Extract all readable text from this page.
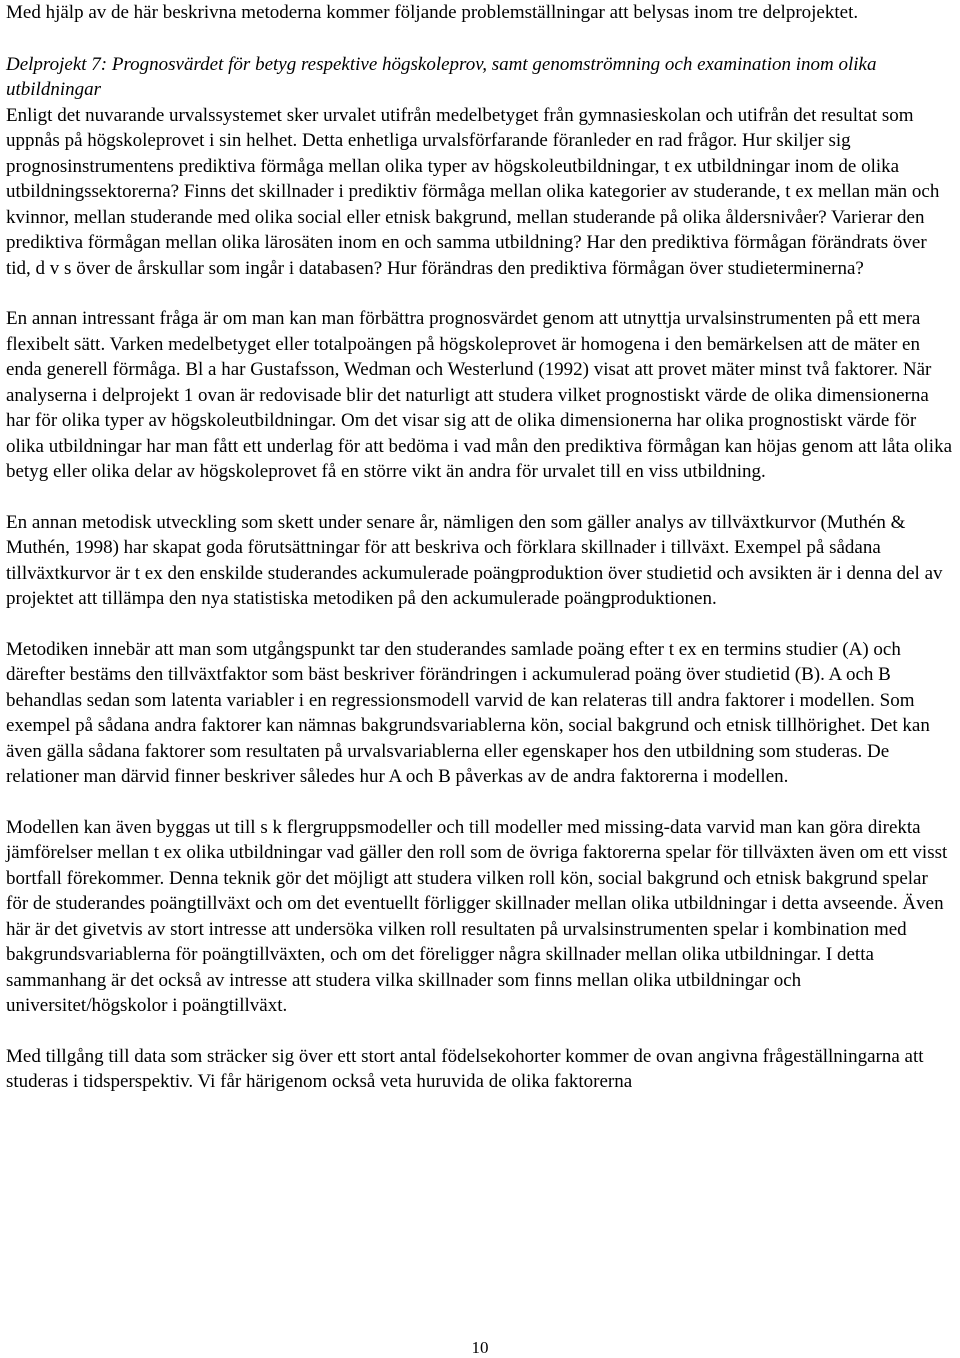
Med hjälp av de här beskrivna metoderna kommer följande problemställningar att belysas inom tre delprojektet.

Delprojekt 7: Prognosvärdet för betyg respektive högskoleprov, samt genomströmning och examination inom olika utbildningar

Enligt det nuvarande urvalssystemet sker urvalet utifrån medelbetyget från gymnasieskolan och utifrån det resultat som uppnås på högskoleprovet i sin helhet. Detta enhetliga urvalsförfarande föranleder en rad frågor. Hur skiljer sig prognosinstrumentens prediktiva förmåga mellan olika typer av högskoleutbildningar, t ex utbildningar inom de olika utbildningssektorerna? Finns det skillnader i prediktiv förmåga mellan olika kategorier av studerande, t ex mellan män och kvinnor, mellan studerande med olika social eller etnisk bakgrund, mellan studerande på olika åldersnivåer? Varierar den prediktiva förmågan mellan olika lärosäten inom en och samma utbildning? Har den prediktiva förmågan förändrats över tid, d v s över de årskullar som ingår i databasen? Hur förändras den prediktiva förmågan över studieterminerna?

En annan intressant fråga är om man kan man förbättra prognosvärdet genom att utnyttja urvalsinstrumenten på ett mera flexibelt sätt. Varken medelbetyget eller totalpoängen på högskoleprovet är homogena i den bemärkelsen att de mäter en enda generell förmåga. Bl a har Gustafsson, Wedman och Westerlund (1992) visat att provet mäter minst två faktorer. När analyserna i delprojekt 1 ovan är redovisade blir det naturligt att studera vilket prognostiskt värde de olika dimensionerna har för olika typer av högskoleutbildningar. Om det visar sig att de olika dimensionerna har olika prognostiskt värde för olika utbildningar har man fått ett underlag för att bedöma i vad mån den prediktiva förmågan kan höjas genom att låta olika betyg eller olika delar av högskoleprovet få en större vikt än andra för urvalet till en viss utbildning.

En annan metodisk utveckling som skett under senare år, nämligen den som gäller analys av tillväxtkurvor (Muthén & Muthén, 1998) har skapat goda förutsättningar för att beskriva och förklara skillnader i tillväxt. Exempel på sådana tillväxtkurvor är t ex den enskilde studerandes ackumulerade poängproduktion över studietid och avsikten är i denna del av projektet att tillämpa den nya statistiska metodiken på den ackumulerade poängproduktionen.

Metodiken innebär att man som utgångspunkt tar den studerandes samlade poäng efter t ex en termins studier (A) och därefter bestäms den tillväxtfaktor som bäst beskriver förändringen i ackumulerad poäng över studietid (B). A och B behandlas sedan som latenta variabler i en regressionsmodell varvid de kan relateras till andra faktorer i modellen. Som exempel på sådana andra faktorer kan nämnas bakgrundsvariablerna kön, social bakgrund och etnisk tillhörighet. Det kan även gälla sådana faktorer som resultaten på urvalsvariablerna eller egenskaper hos den utbildning som studeras. De relationer man därvid finner beskriver således hur A och B påverkas av de andra faktorerna i modellen.

Modellen kan även byggas ut till s k flergruppsmodeller och till modeller med missing-data varvid man kan göra direkta jämförelser mellan t ex olika utbildningar vad gäller den roll som de övriga faktorerna spelar för tillväxten även om ett visst bortfall förekommer. Denna teknik gör det möjligt att studera vilken roll kön, social bakgrund och etnisk bakgrund spelar för de studerandes poängtillväxt och om det eventuellt förligger skillnader mellan olika utbildningar i detta avseende. Även här är det givetvis av stort intresse att undersöka vilken roll resultaten på urvalsinstrumenten spelar i kombination med bakgrundsvariablerna för poängtillväxten, och om det föreligger några skillnader mellan olika utbildningar. I detta sammanhang är det också av intresse att studera vilka skillnader som finns mellan olika utbildningar och universitet/högskolor i poängtillväxt.

Med tillgång till data som sträcker sig över ett stort antal födelsekohorter kommer de ovan angivna frågeställningarna att studeras i tidsperspektiv. Vi får härigenom också veta huruvida de olika faktorerna

10
